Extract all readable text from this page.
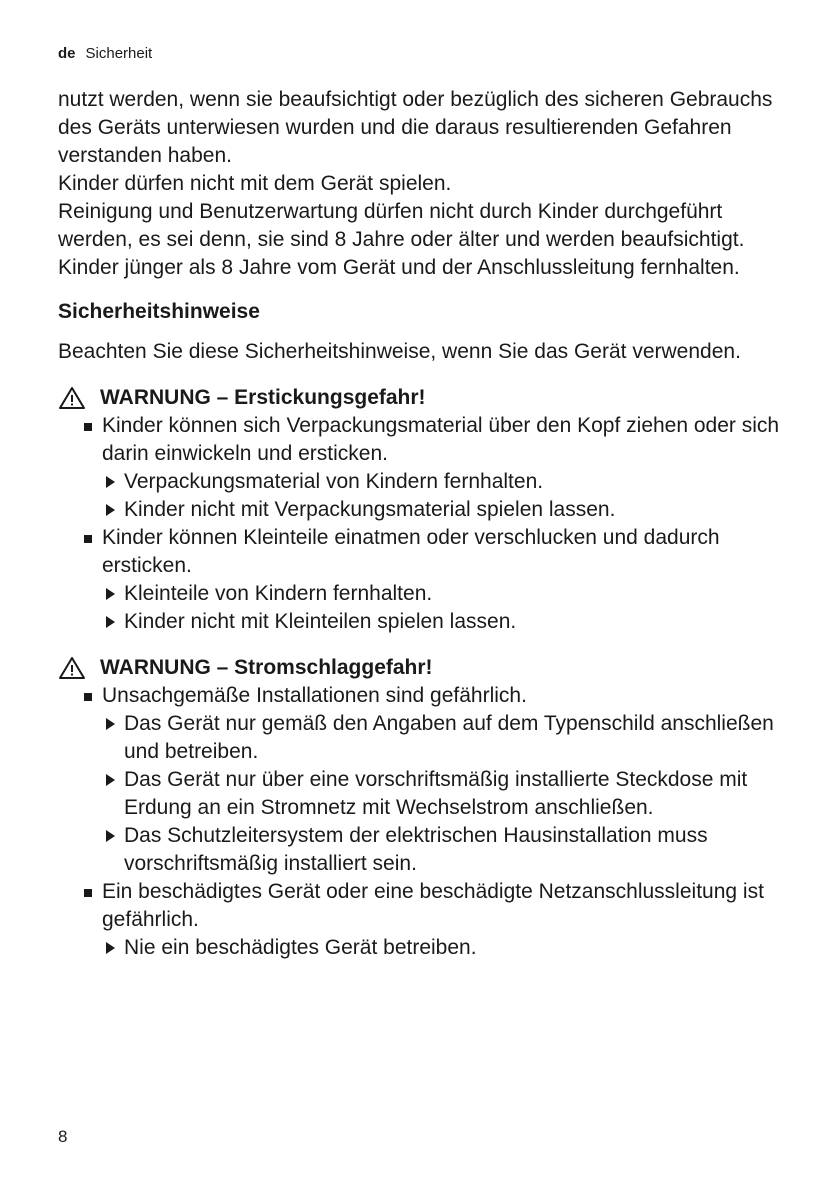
de Sicherheit

nutzt werden, wenn sie beaufsichtigt oder bezüglich des sicheren Gebrauchs des Geräts unterwiesen wurden und die daraus resultierenden Gefahren verstanden haben.

Kinder dürfen nicht mit dem Gerät spielen.

Reinigung und Benutzerwartung dürfen nicht durch Kinder durchgeführt werden, es sei denn, sie sind 8 Jahre oder älter und werden beaufsichtigt.

Kinder jünger als 8 Jahre vom Gerät und der Anschlussleitung fernhalten.

Sicherheitshinweise

Beachten Sie diese Sicherheitshinweise, wenn Sie das Gerät verwenden.

WARNUNG – Erstickungsgefahr!
Kinder können sich Verpackungsmaterial über den Kopf ziehen oder sich darin einwickeln und ersticken.
Verpackungsmaterial von Kindern fernhalten.
Kinder nicht mit Verpackungsmaterial spielen lassen.
Kinder können Kleinteile einatmen oder verschlucken und dadurch ersticken.
Kleinteile von Kindern fernhalten.
Kinder nicht mit Kleinteilen spielen lassen.
WARNUNG – Stromschlaggefahr!
Unsachgemäße Installationen sind gefährlich.
Das Gerät nur gemäß den Angaben auf dem Typenschild anschließen und betreiben.
Das Gerät nur über eine vorschriftsmäßig installierte Steckdose mit Erdung an ein Stromnetz mit Wechselstrom anschließen.
Das Schutzleitersystem der elektrischen Hausinstallation muss vorschriftsmäßig installiert sein.
Ein beschädigtes Gerät oder eine beschädigte Netzanschlussleitung ist gefährlich.
Nie ein beschädigtes Gerät betreiben.
8
